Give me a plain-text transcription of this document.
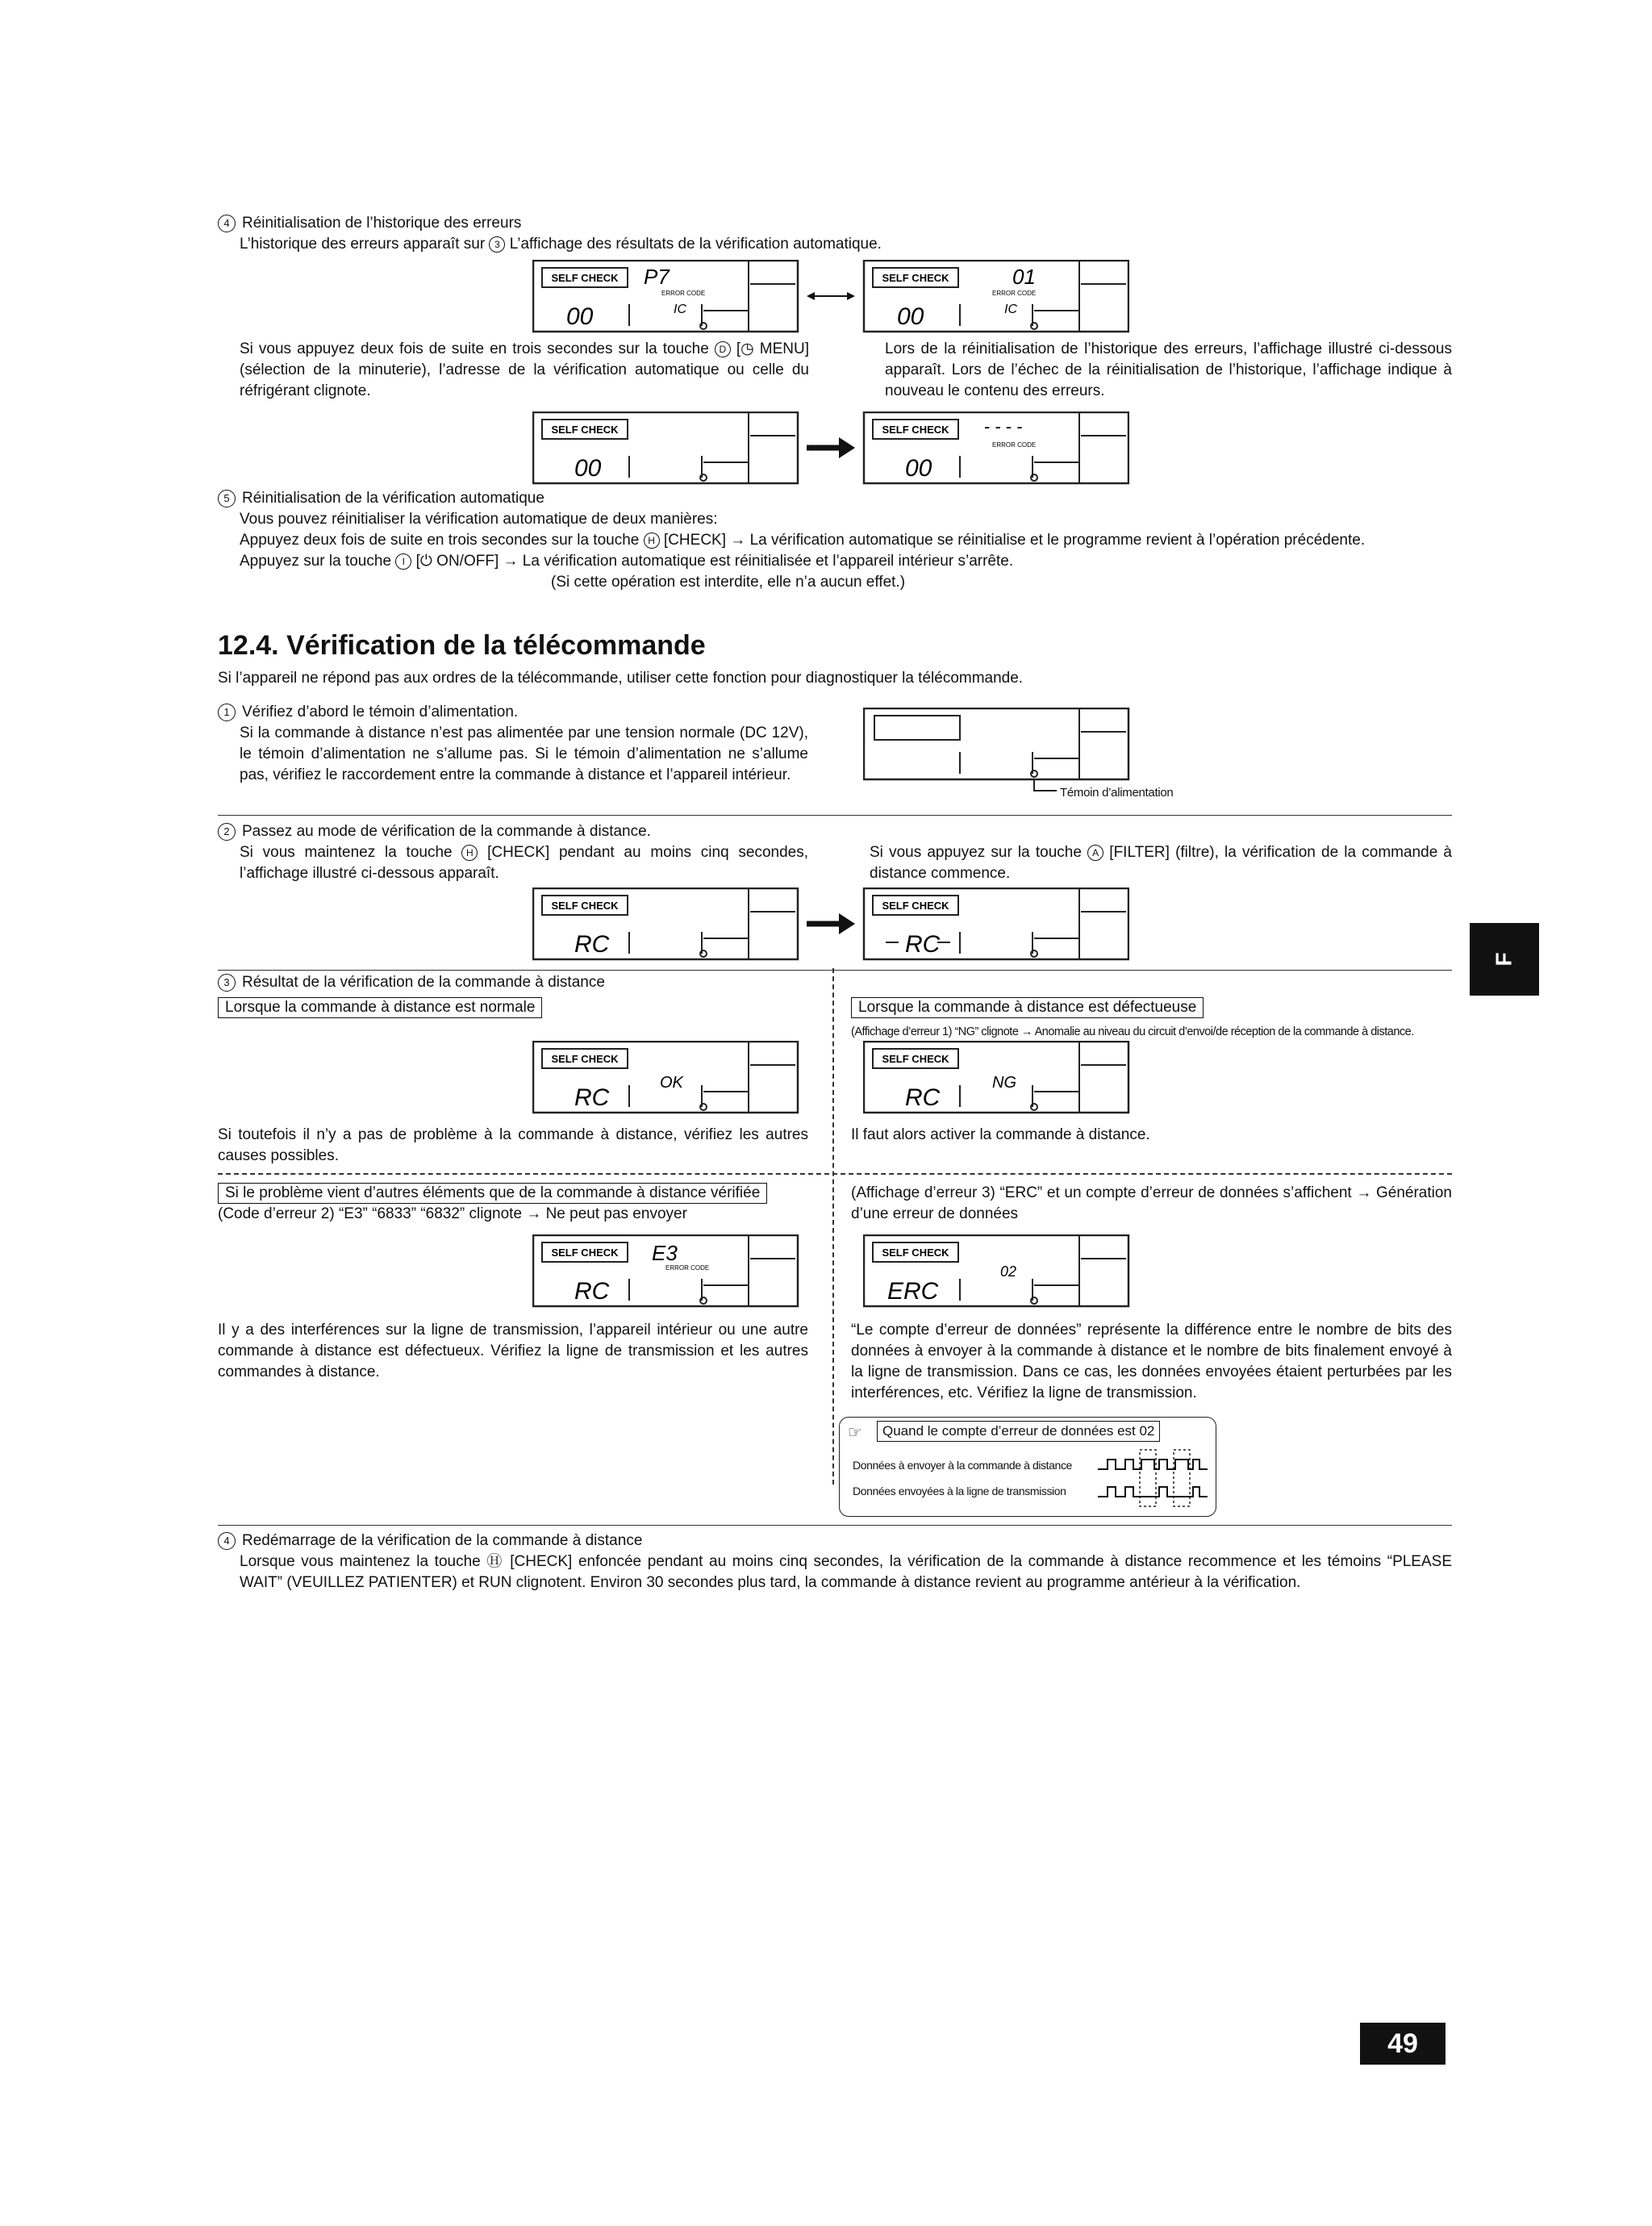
4 Réinitialisation de l’historique des erreurs
L’historique des erreurs apparaît sur 3 L’affichage des résultats de la vérification automatique.
SELF CHECK P7
ERROR CODE
IC
00
SELF CHECK	01
ERROR CODE
IC
00
Si vous appuyez deux fois de suite en trois secondes sur la touche D [◷ MENU] (sélection de la minuterie), l’adresse de la vérification automatique ou celle du réfrigérant clignote.
Lors de la réinitialisation de l’historique des erreurs, l’affichage illustré ci-dessous apparaît. Lors de l’échec de la réinitialisation de l’historique, l’affichage indique à nouveau le contenu des erreurs.
SELF CHECK
00
SELF CHECK - - - -
ERROR CODE
00
5 Réinitialisation de la vérification automatique
Vous pouvez réinitialiser la vérification automatique de deux manières:
Appuyez deux fois de suite en trois secondes sur la touche H [CHECK] → La vérification automatique se réinitialise et le programme revient à l’opération précédente.
Appuyez sur la touche I [⏻ ON/OFF] → La vérification automatique est réinitialisée et l’appareil intérieur s’arrête.
(Si cette opération est interdite, elle n’a aucun effet.)
12.4. Vérification de la télécommande
Si l’appareil ne répond pas aux ordres de la télécommande, utiliser cette fonction pour diagnostiquer la télécommande.
1 Vérifiez d’abord le témoin d’alimentation.
Si la commande à distance n’est pas alimentée par une tension normale (DC 12V), le témoin d’alimentation ne s’allume pas. Si le témoin d’alimentation ne s’allume pas, vérifiez le raccordement entre la commande à distance et l’appareil intérieur.
Témoin d’alimentation
2 Passez au mode de vérification de la commande à distance.
Si vous maintenez la touche H [CHECK] pendant au moins cinq secondes, l’affichage illustré ci-dessous apparaît.
Si vous appuyez sur la touche A [FILTER] (filtre), la vérification de la commande à distance commence.
SELF CHECK
RC
SELF CHECK
RC
3 Résultat de la vérification de la commande à distance
Lorsque la commande à distance est normale	Lorsque la commande à distance est défectueuse
(Affichage d’erreur 1) “NG” clignote → Anomalie au niveau du circuit d’envoi/de réception de la commande à distance.
SELF CHECK
OK
RC
SELF CHECK
NG
RC
Si toutefois il n’y a pas de problème à la commande à distance, vérifiez les autres causes possibles.
Il faut alors activer la commande à distance.
Si le problème vient d’autres éléments que de la commande à distance vérifiée
(Code d’erreur 2) “E3” “6833” “6832” clignote → Ne peut pas envoyer
(Affichage d’erreur 3) “ERC” et un compte d’erreur de données s’affichent → Génération d’une erreur de données
SELF CHECK E3
ERROR CODE
RC
SELF CHECK
02
ERC
Il y a des interférences sur la ligne de transmission, l’appareil intérieur ou une autre commande à distance est défectueux. Vérifiez la ligne de transmission et les autres commandes à distance.
“Le compte d’erreur de données” représente la différence entre le nombre de bits des données à envoyer à la commande à distance et le nombre de bits finalement envoyé à la ligne de transmission. Dans ce cas, les données envoyées étaient perturbées par les interférences, etc. Vérifiez la ligne de transmission.
☞	Quand le compte d’erreur de données est 02
Données à envoyer à la commande à distance
Données envoyées à la ligne de transmission
4 Redémarrage de la vérification de la commande à distance
Lorsque vous maintenez la touche Ⓗ [CHECK] enfoncée pendant au moins cinq secondes, la vérification de la commande à distance recommence et les témoins “PLEASE WAIT” (VEUILLEZ PATIENTER) et RUN clignotent. Environ 30 secondes plus tard, la commande à distance revient au programme antérieur à la vérification.
F
49
